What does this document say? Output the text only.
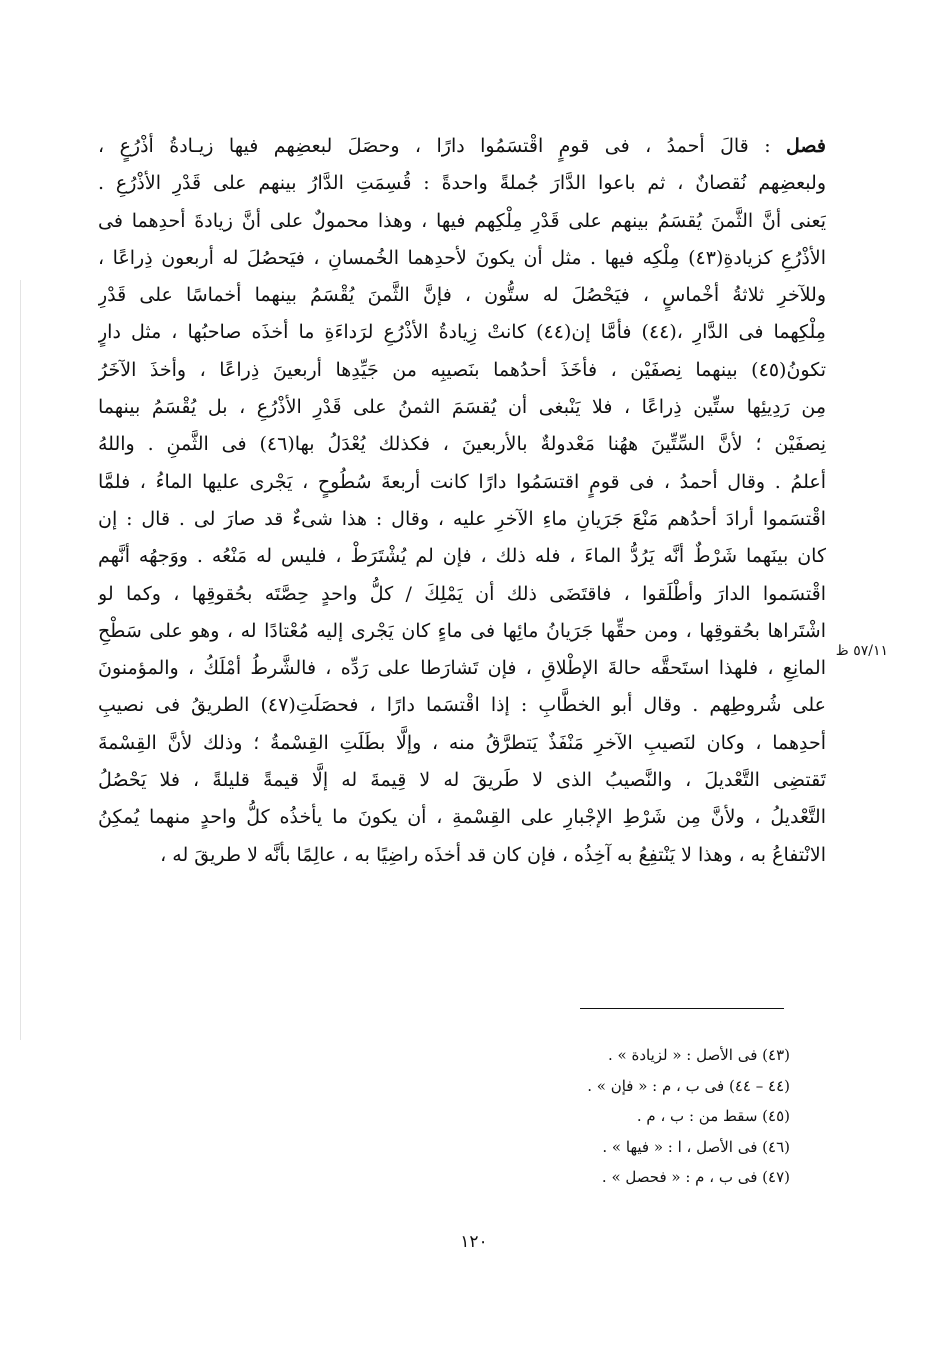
فصل : قالَ أحمدُ ، فى قومٍ اقْتسَمُوا دارًا ، وحصَلَ لبعضِهم فيها زيـادةُ أذْرُعٍ ،
ولبعضِهم نُقصانٌ ، ثم باعوا الدَّارَ جُملةً واحدةً : قُسِمَتِ الدَّارُ بينهم على قَدْرِ الأذْرُعِ .
يَعنى أنَّ الثَّمنَ يُقسَمُ بينهم على قَدْرِ مِلْكِهم فيها ، وهذا محمولٌ على أنَّ زيادةَ أحدِهما فى
الأذْرُعِ كزيادةِ(٤٣) مِلْكِه فيها . مثل أن يكونَ لأحدِهما الخُمسانِ ، فيَحصُلَ له أربعون ذِراعًا ،
وللآخرِ ثلاثةُ أخْماسٍ ، فيَحْصُلَ له ستُّون ، فإنَّ الثَّمنَ يُقْسَمُ بينهما أخماسًا على قَدْرِ
مِلْكِهما فى الدَّارِ ،(٤٤) فأمَّا إن(٤٤) كانتْ زِيادةُ الأذْرُعِ لرَداءَةِ ما أخذَه صاحبُها ، مثل دارٍ
تكونُ(٤٥) بينهما نِصفَيْن ، فأخَذَ أحدُهما بنَصيبِه من جَيِّدِها أربعينَ ذِراعًا ، وأخذَ الآخَرُ
مِن رَدِيئِها ستِّين ذِراعًا ، فلا يَنْبغى أن يُقسَمَ الثمنُ على قَدْرِ الأذْرُعِ ، بل يُقْسَمُ بينهما
نِصفَيْن ؛ لأنَّ السِّتِّينَ ههُنا مَعْدولةٌ بالأربعينَ ، فكذلك يُعْدَلُ بها(٤٦) فى الثَّمنِ . واللهُ
أعلمُ . وقال أحمدُ ، فى قومٍ اقتسَمُوا دارًا كانت أربعةَ سُطُوحٍ ، يَجْرى عليها الماءُ ، فلمَّا
اقْتسَموا أرادَ أحدُهم مَنْعَ جَرَيانِ ماءِ الآخرِ عليه ، وقال : هذا شىءٌ قد صارَ لى . قال : إن
كان بينَهما شَرْطٌ أنَّه يَرُدُّ الماءَ ، فله ذلك ، فإن لم يُشْتَرَطْ ، فليس له مَنْعُه . ووَجهُه أنَّهم
اقْتسَموا الدارَ وأطْلَقوا ، فاقتَضَى ذلك أن يَمْلِكَ / كلُّ واحدٍ حِصَّتَه بحُقوقِها ، وكما لو
اشْتَراها بحُقوقِها ، ومن حقِّها جَرَيانُ مائِها فى ماءٍ كان يَجْرى إليه مُعْتادًا له ، وهو على سَطْحِ
المانِعِ ، فلهذا استَحقَّه حالةَ الإطْلاقِ ، فإن تَشارَطا على رَدِّه ، فالشَّرطُ أمْلَكُ ، والمؤمنونَ
على شُروطِهم . وقال أبو الخطَّابِ : إذا اقْتسَما دارًا ، فحصَلَتِ(٤٧) الطريقُ فى نصيبِ
أحدِهما ، وكان لنَصيبِ الآخرِ مَنْفَذٌ يَتطرَّقُ منه ، وإلَّا بطَلَتِ القِسْمةُ ؛ وذلك لأنَّ القِسْمةَ
تَقتضِى التَّعْديلَ ، والنَّصيبُ الذى لا طَريقَ له لا قِيمةَ له إلَّا قيمةً قليلةً ، فلا يَحْصُلُ
التَّعْديلُ ، ولأنَّ مِن شَرْطِ الإجْبارِ على القِسْمةِ ، أن يكونَ ما يأخذُه كلُّ واحدٍ منهما يُمكِنُ
الانْتفاعُ به ، وهذا لا يَنْتفِعُ به آخِذُه ، فإن كان قد أخذَه راضِيًا به ، عالِمًا بأنَّه لا طريقَ له ،
٥٧/١١ ظ
(٤٣) فى الأصل : « لزيادة » .
(٤٤ – ٤٤) فى ب ، م : « فإن » .
(٤٥) سقط من : ب ، م .
(٤٦) فى الأصل ، ا : « فيها » .
(٤٧) فى ب ، م : « فحصل » .
١٢٠
